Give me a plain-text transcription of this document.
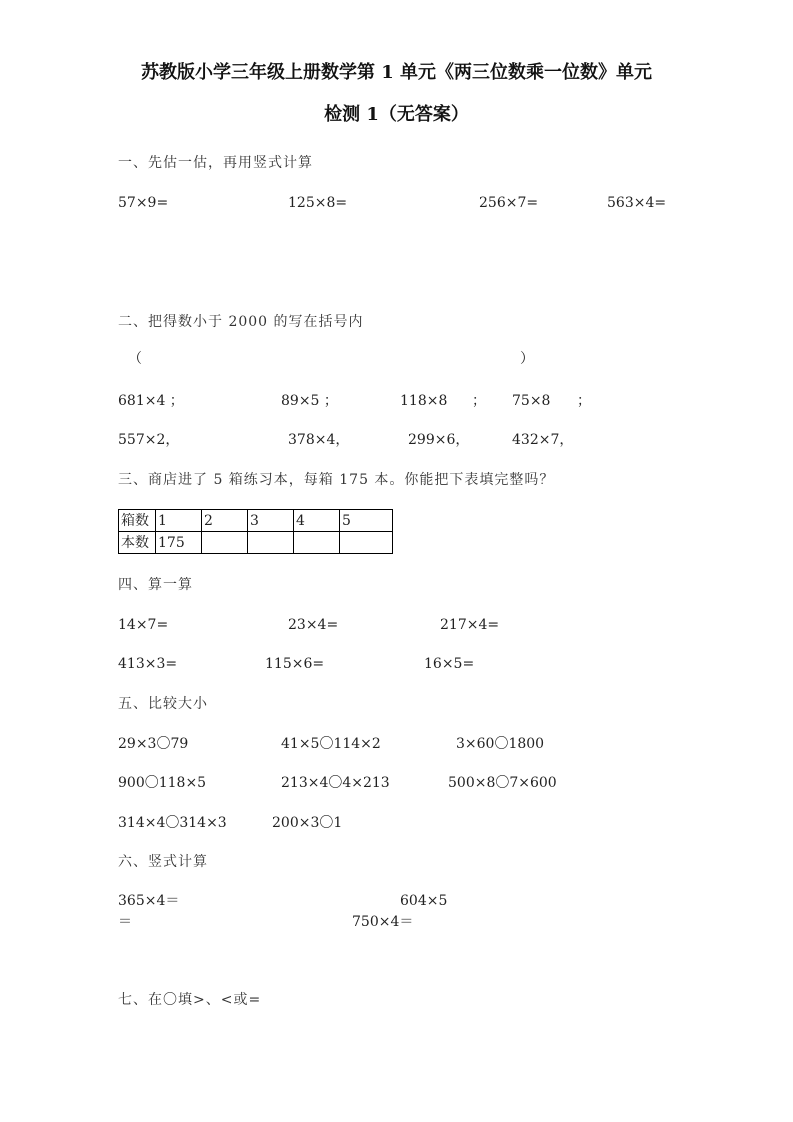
苏教版小学三年级上册数学第 1 单元《两三位数乘一位数》单元
检测 1（无答案）
一、先估一估，再用竖式计算
57×9=	125×8=	256×7=	563×4=
二、把得数小于 2000 的写在括号内
（	）
681×4 ；	89×5 ；	118×8 ； 75×8 ；
557×2，	378×4，	299×6，	432×7，
三、商店进了 5 箱练习本，每箱 175 本。你能把下表填完整吗？
箱数	1	2	3	4	5
本数	175				
四、算一算
14×7=	23×4=	217×4=
413×3=	115×6=	16×5=
五、比较大小
29×3〇79	41×5〇114×2	3×60〇1800
900〇118×5	213×4〇4×213	500×8〇7×600
314×4〇314×3	200×3〇1
六、竖式计算
365×4＝	604×5
＝	750×4＝
七、在〇填>、<或=
